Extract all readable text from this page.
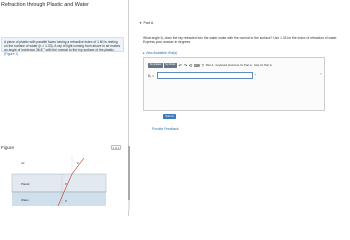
Refraction through Plastic and Water
A piece of plastic with parallel faces having a refractive index of 1.60 is resting on the surface of water (n = 1.33). A ray of light coming from above in air makes an angle of incidence 36.8 ° with the normal to the top surface of the plastic. (Figure 1)
Figure	1 of 1
Air
Plastic
Water
θ
θ
θ
▼ Part A
What angle θ₂ does the ray refracted into the water make with the normal to the surface? Use 1.33 for the index of refraction of water.
Express your answer in degrees.
▸ View Available Hint(s)
Templates	Symbols ↶ ↷ ⟲ ⌨ ? Part A · keyboard shortcuts for Part A · help for Part A
θ₂ =	°	?
Submit
Provide Feedback
